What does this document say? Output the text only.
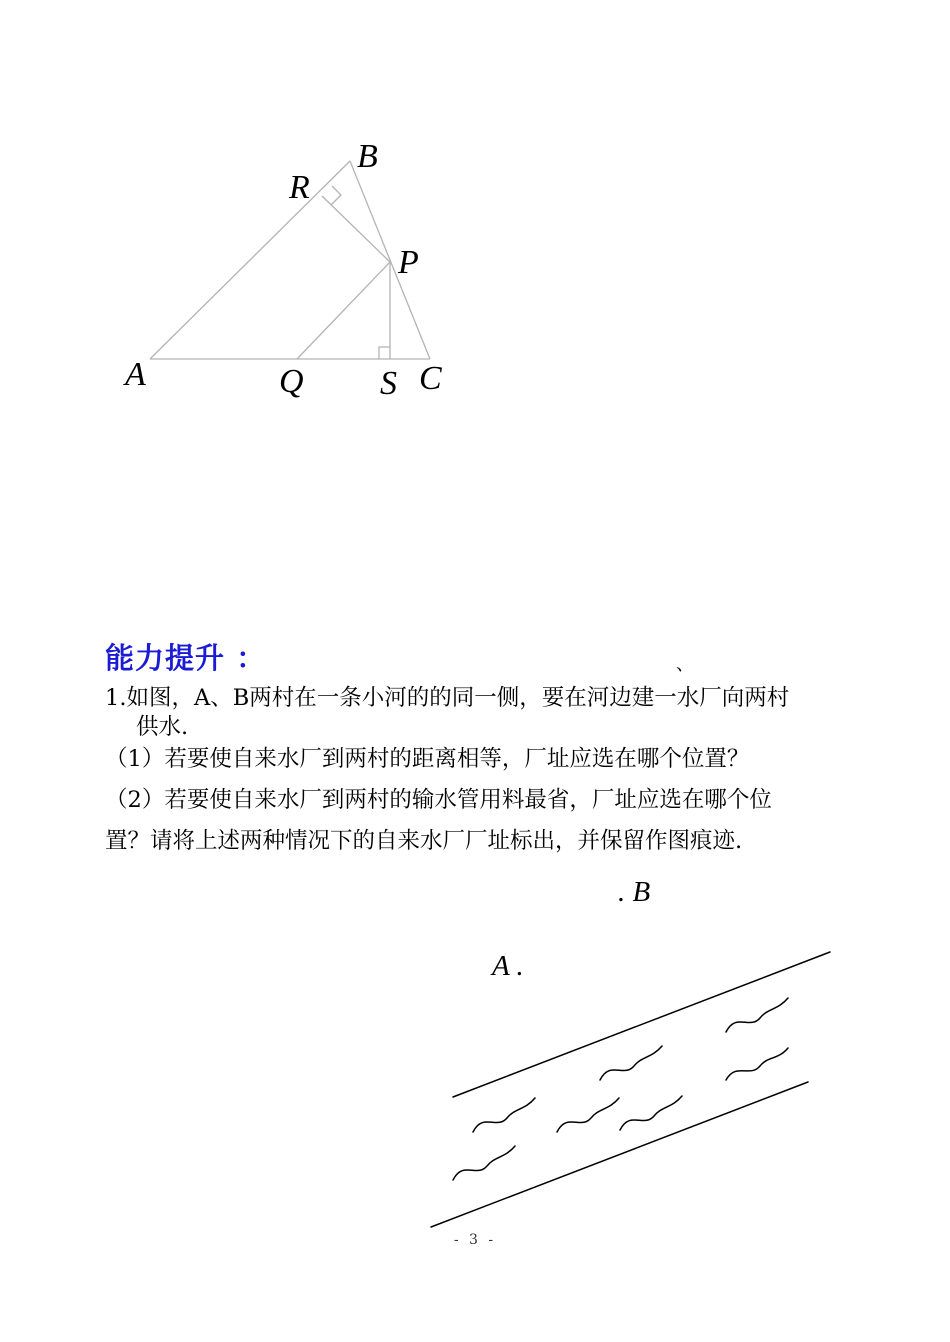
A
B
R
P
Q S C
能力提升 ：	、
1.如图，A、B两村在一条小河的的同一侧，要在河边建一水厂向两村
供水.
（1）若要使自来水厂到两村的距离相等，厂址应选在哪个位置？
（2）若要使自来水厂到两村的输水管用料最省，厂址应选在哪个位
置？请将上述两种情况下的自来水厂厂址标出，并保留作图痕迹.
. B
A .
- 3 -
